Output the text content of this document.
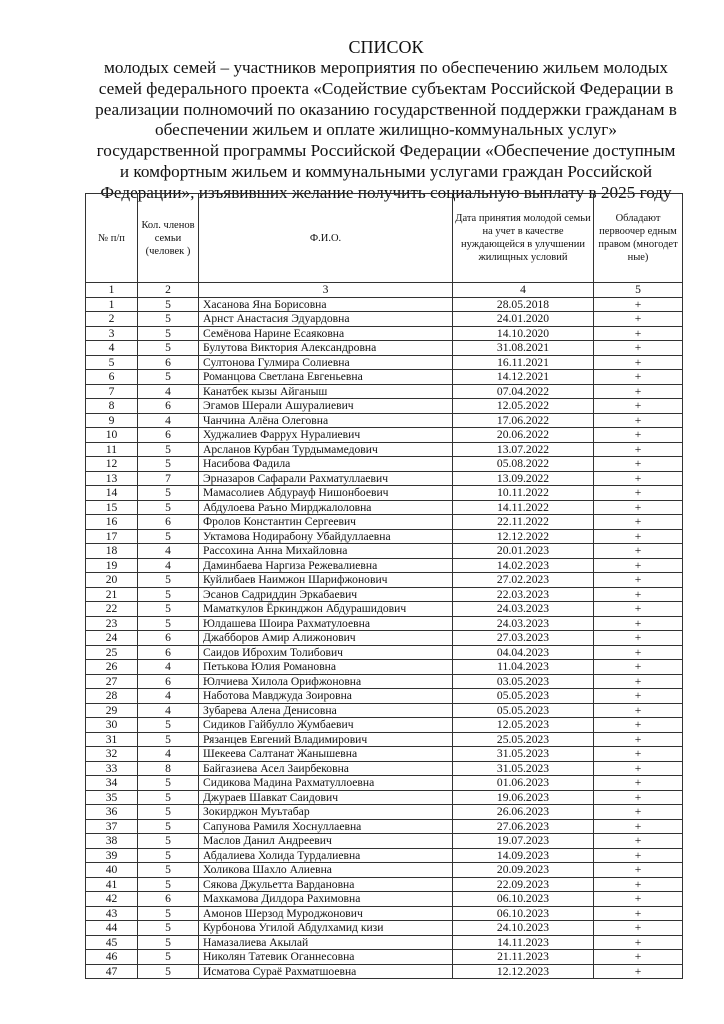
СПИСОК
молодых семей – участников мероприятия по обеспечению жильем молодых
семей федерального проекта «Содействие субъектам Российской Федерации в
реализации полномочий по оказанию государственной поддержки гражданам в
обеспечении жильем и оплате жилищно-коммунальных услуг»
государственной программы Российской Федерации «Обеспечение доступным
и комфортным жильем и коммунальными услугами граждан Российской
Федерации», изъявивших желание получить социальную выплату в 2025 году
№ п/п	Кол. членов семьи (человек )	Ф.И.О.	Дата принятия молодой семьи на учет в качестве нуждающейся в улучшении жилищных условий	Обладают первоочер едным правом (многодет ные)
1	2	3	4	5
1	5	Хасанова Яна Борисовна	28.05.2018	+
2	5	Арнст Анастасия Эдуардовна	24.01.2020	+
3	5	Семёнова Нарине Есаяковна	14.10.2020	+
4	5	Булутова Виктория Александровна	31.08.2021	+
5	6	Султонова Гулмира Солиевна	16.11.2021	+
6	5	Романцова Светлана Евгеньевна	14.12.2021	+
7	4	Канатбек кызы Айганыш	07.04.2022	+
8	6	Эгамов Шерали Ашуралиевич	12.05.2022	+
9	4	Чанчина Алёна Олеговна	17.06.2022	+
10	6	Худжалиев Фаррух Нуралиевич	20.06.2022	+
11	5	Арсланов Курбан Турдымамедович	13.07.2022	+
12	5	Насибова Фадила	05.08.2022	+
13	7	Эрназаров Сафарали Рахматуллаевич	13.09.2022	+
14	5	Мамасолиев Абдурауф Нишонбоевич	10.11.2022	+
15	5	Абдулоева Раъно Мирджалоловна	14.11.2022	+
16	6	Фролов Константин Сергеевич	22.11.2022	+
17	5	Уктамова Нодирабону Убайдуллаевна	12.12.2022	+
18	4	Рассохина Анна Михайловна	20.01.2023	+
19	4	Даминбаева Наргиза Режевалиевна	14.02.2023	+
20	5	Куйлибаев Наимжон Шарифжонович	27.02.2023	+
21	5	Эсанов Садриддин Эркабаевич	22.03.2023	+
22	5	Маматкулов Ёркинджон Абдурашидович	24.03.2023	+
23	5	Юлдашева Шоира Рахматулоевна	24.03.2023	+
24	6	Джабборов Амир Алижонович	27.03.2023	+
25	6	Саидов Иброхим Толибович	04.04.2023	+
26	4	Петькова Юлия Романовна	11.04.2023	+
27	6	Юлчиева Хилола Орифжоновна	03.05.2023	+
28	4	Наботова Мавджуда Зоировна	05.05.2023	+
29	4	Зубарева Алена Денисовна	05.05.2023	+
30	5	Сидиков Гайбулло Жумбаевич	12.05.2023	+
31	5	Рязанцев Евгений Владимирович	25.05.2023	+
32	4	Шекеева Салтанат Жанышевна	31.05.2023	+
33	8	Байгазиева Асел Заирбековна	31.05.2023	+
34	5	Сидикова Мадина Рахматуллоевна	01.06.2023	+
35	5	Джураев Шавкат Саидович	19.06.2023	+
36	5	Зокирджон Муътабар	26.06.2023	+
37	5	Сапунова Рамиля Хоснуллаевна	27.06.2023	+
38	5	Маслов Данил Андреевич	19.07.2023	+
39	5	Абдалиева Холида Турдалиевна	14.09.2023	+
40	5	Холикова Шахло Алиевна	20.09.2023	+
41	5	Сякова Джульетта Вардановна	22.09.2023	+
42	6	Махкамова Дилдора Рахимовна	06.10.2023	+
43	5	Амонов Шерзод Мурoджонович	06.10.2023	+
44	5	Курбонова Угилой Абдулхамид кизи	24.10.2023	+
45	5	Намазалиева Акылай	14.11.2023	+
46	5	Николян Татевик Оганнесовна	21.11.2023	+
47	5	Исматова Сураё Рахматшоевна	12.12.2023	+
